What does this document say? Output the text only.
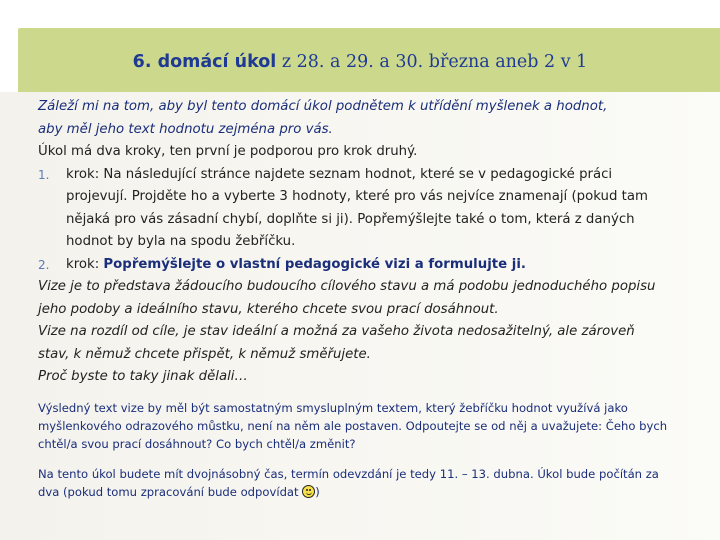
6. domácí úkol z 28. a 29. a 30. března aneb 2 v 1

Záleží mi na tom, aby byl tento domácí úkol podnětem k utřídění myšlenek a hodnot,

aby měl jeho text hodnotu zejména pro vás.

Úkol má dva kroky, ten první je podporou pro krok druhý.

1. krok: Na následující stránce najdete seznam hodnot, které se v pedagogické práci projevují. Projděte ho a vyberte 3 hodnoty, které pro vás nejvíce znamenají (pokud tam nějaká pro vás zásadní chybí, doplňte si ji). Popřemýšlejte také o tom, která z daných hodnot by byla na spodu žebříčku.

2. krok: Popřemýšlejte o vlastní pedagogické vizi a formulujte ji.

Vize je to představa žádoucího budoucího cílového stavu a má podobu jednoduchého popisu jeho podoby a ideálního stavu, kterého chcete svou prací dosáhnout.

Vize na rozdíl od cíle, je stav ideální a možná za vašeho života nedosažitelný, ale zároveň stav, k němuž chcete přispět, k němuž směřujete.

Proč byste to taky jinak dělali…

Výsledný text vize by měl být samostatným smysluplným textem, který žebříčku hodnot využívá jako myšlenkového odrazového můstku, není na něm ale postaven. Odpoutejte se od něj a uvažujete: Čeho bych chtěl/a svou prací dosáhnout? Co bych chtěl/a změnit?

Na tento úkol budete mít dvojnásobný čas, termín odevzdání je tedy 11. – 13. dubna. Úkol bude počítán za dva (pokud tomu zpracování bude odpovídat
)
